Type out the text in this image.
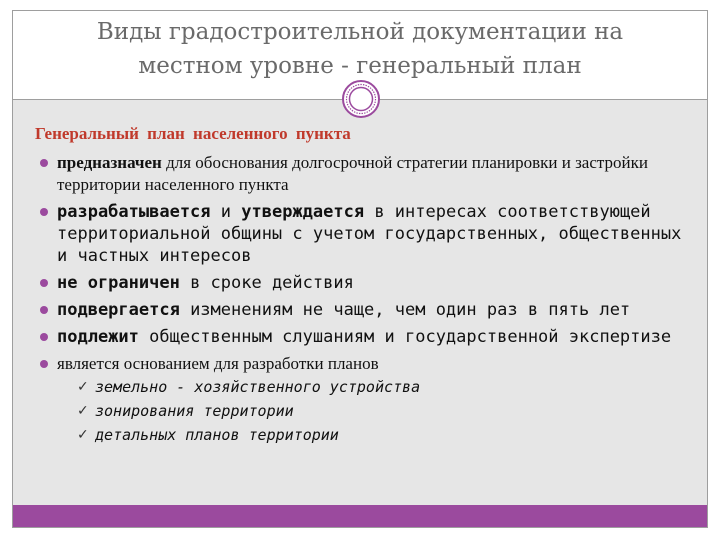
Виды градостроительной документации на
местном уровне - генеральный план
Генеральный план населенного пункта
предназначен для обоснования долгосрочной стратегии планировки и застройки территории населенного пункта
разрабатывается и утверждается в интересах соответствующей территориальной общины с учетом государственных, общественных и частных интересов
не ограничен в сроке действия
подвергается изменениям не чаще, чем один раз в пять лет
подлежит общественным слушаниям и государственной экспертизе
является основанием для разработки планов
✓ земельно - хозяйственного устройства
✓ зонирования территории
✓ детальных планов территории
